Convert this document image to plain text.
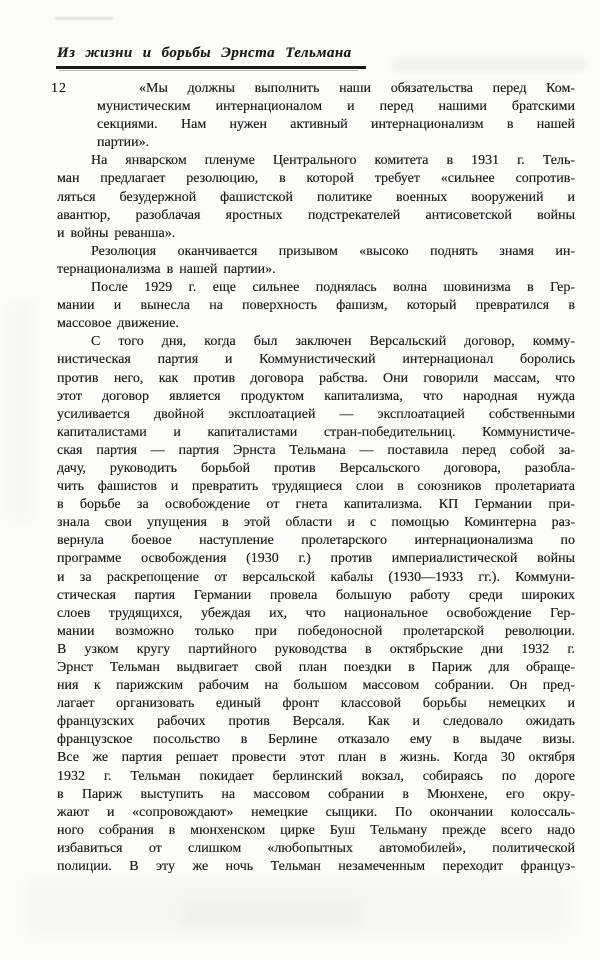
Из жизни и борьбы Эрнста Тельмана
12	«Мы должны выполнить наши обязательства перед Ком-
мунистическим интернационалом и перед нашими братскими
секциями. Нам нужен активный интернационализм в нашей
партии».
На январском пленуме Центрального комитета в 1931 г. Тель-
ман предлагает резолюцию, в которой требует «сильнее сопротив-
ляться безудержной фашистской политике военных вооружений и
авантюр, разоблачая яростных подстрекателей антисоветской войны
и войны реванша».
Резолюция оканчивается призывом «высоко поднять знамя ин-
тернационализма в нашей партии».
После 1929 г. еще сильнее поднялась волна шовинизма в Гер-
мании и вынесла на поверхность фашизм, который превратился в
массовое движение.
С того дня, когда был заключен Версальский договор, комму-
нистическая партия и Коммунистический интернационал боролись
против него, как против договора рабства. Они говорили массам, что
этот договор является продуктом капитализма, что народная нужда
усиливается двойной эксплоатацией — эксплоатацией собственными
капиталистами и капиталистами стран-победительниц. Коммунистиче-
ская партия — партия Эрнста Тельмана — поставила перед собой за-
дачу, руководить борьбой против Версальского договора, разобла-
чить фашистов и превратить трудящиеся слои в союзников пролетариата
в борьбе за освобождение от гнета капитализма. КП Германии при-
знала свои упущения в этой области и с помощью Коминтерна раз-
вернула боевое наступление пролетарского интернационализма по
программе освобождения (1930 г.) против империалистической войны
и за раскрепощение от версальской кабалы (1930—1933 гг.). Коммуни-
стическая партия Германии провела большую работу среди широких
слоев трудящихся, убеждая их, что национальное освобождение Гер-
мании возможно только при победоносной пролетарской революции.
В узком кругу партийного руководства в октябрьские дни 1932 г.
Эрнст Тельман выдвигает свой план поездки в Париж для обраще-
ния к парижским рабочим на большом массовом собрании. Он пред-
лагает организовать единый фронт классовой борьбы немецких и
французских рабочих против Версаля. Как и следовало ожидать
французское посольство в Берлине отказало ему в выдаче визы.
Все же партия решает провести этот план в жизнь. Когда 30 октября
1932 г. Тельман покидает берлинский вокзал, собираясь по дороге
в Париж выступить на массовом собрании в Мюнхене, его окру-
жают и «сопровождают» немецкие сыщики. По окончании колоссаль-
ного собрания в мюнхенском цирке Буш Тельману прежде всего надо
избавиться от слишком «любопытных автомобилей», политической
полиции. В эту же ночь Тельман незамеченным переходит француз-
